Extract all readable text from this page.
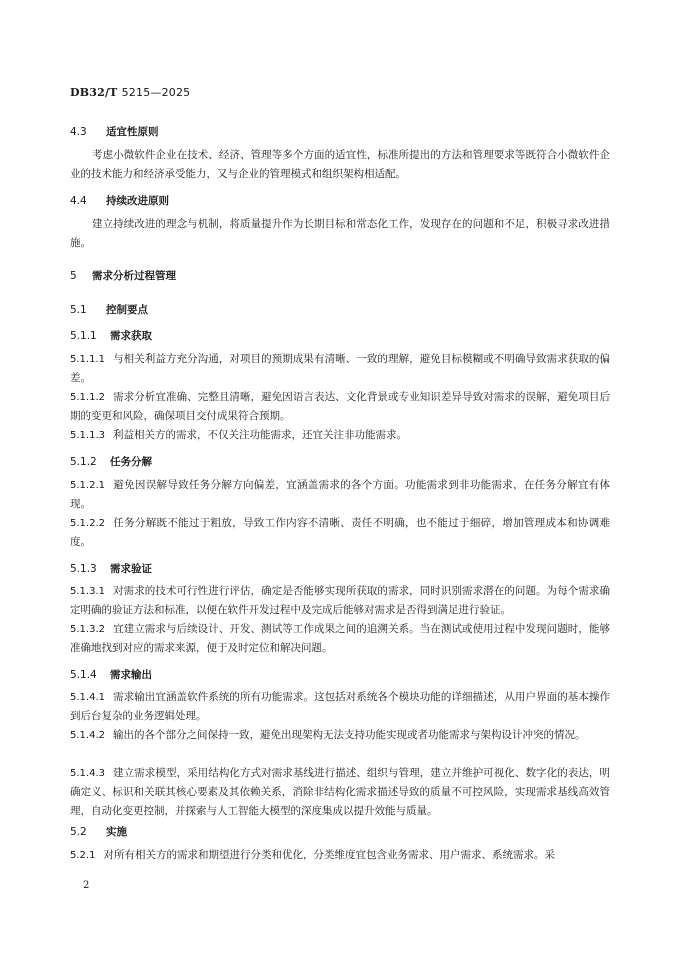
DB32/T 5215—2025
4.3 适宜性原则
考虑小微软件企业在技术、经济、管理等多个方面的适宜性，标准所提出的方法和管理要求等既符合小微软件企业的技术能力和经济承受能力，又与企业的管理模式和组织架构相适配。
4.4 持续改进原则
建立持续改进的理念与机制，将质量提升作为长期目标和常态化工作，发现存在的问题和不足，积极寻求改进措施。
5 需求分析过程管理
5.1 控制要点
5.1.1 需求获取
5.1.1.1 与相关利益方充分沟通，对项目的预期成果有清晰、一致的理解，避免目标模糊或不明确导致需求获取的偏差。
5.1.1.2 需求分析宜准确、完整且清晰，避免因语言表达、文化背景或专业知识差异导致对需求的误解，避免项目后期的变更和风险，确保项目交付成果符合预期。
5.1.1.3 利益相关方的需求，不仅关注功能需求，还宜关注非功能需求。
5.1.2 任务分解
5.1.2.1 避免因误解导致任务分解方向偏差，宜涵盖需求的各个方面。功能需求到非功能需求，在任务分解宜有体现。
5.1.2.2 任务分解既不能过于粗放，导致工作内容不清晰、责任不明确，也不能过于细碎，增加管理成本和协调难度。
5.1.3 需求验证
5.1.3.1 对需求的技术可行性进行评估，确定是否能够实现所获取的需求，同时识别需求潜在的问题。为每个需求确定明确的验证方法和标准，以便在软件开发过程中及完成后能够对需求是否得到满足进行验证。
5.1.3.2 宜建立需求与后续设计、开发、测试等工作成果之间的追溯关系。当在测试或使用过程中发现问题时，能够准确地找到对应的需求来源，便于及时定位和解决问题。
5.1.4 需求输出
5.1.4.1 需求输出宜涵盖软件系统的所有功能需求。这包括对系统各个模块功能的详细描述，从用户界面的基本操作到后台复杂的业务逻辑处理。
5.1.4.2 输出的各个部分之间保持一致，避免出现架构无法支持功能实现或者功能需求与架构设计冲突的情况。
5.1.4.3 建立需求模型，采用结构化方式对需求基线进行描述、组织与管理，建立并维护可视化、数字化的表达，明确定义、标识和关联其核心要素及其依赖关系，消除非结构化需求描述导致的质量不可控风险，实现需求基线高效管理，自动化变更控制，并探索与人工智能大模型的深度集成以提升效能与质量。
5.2 实施
5.2.1 对所有相关方的需求和期望进行分类和优化，分类维度宜包含业务需求、用户需求、系统需求。采
2
